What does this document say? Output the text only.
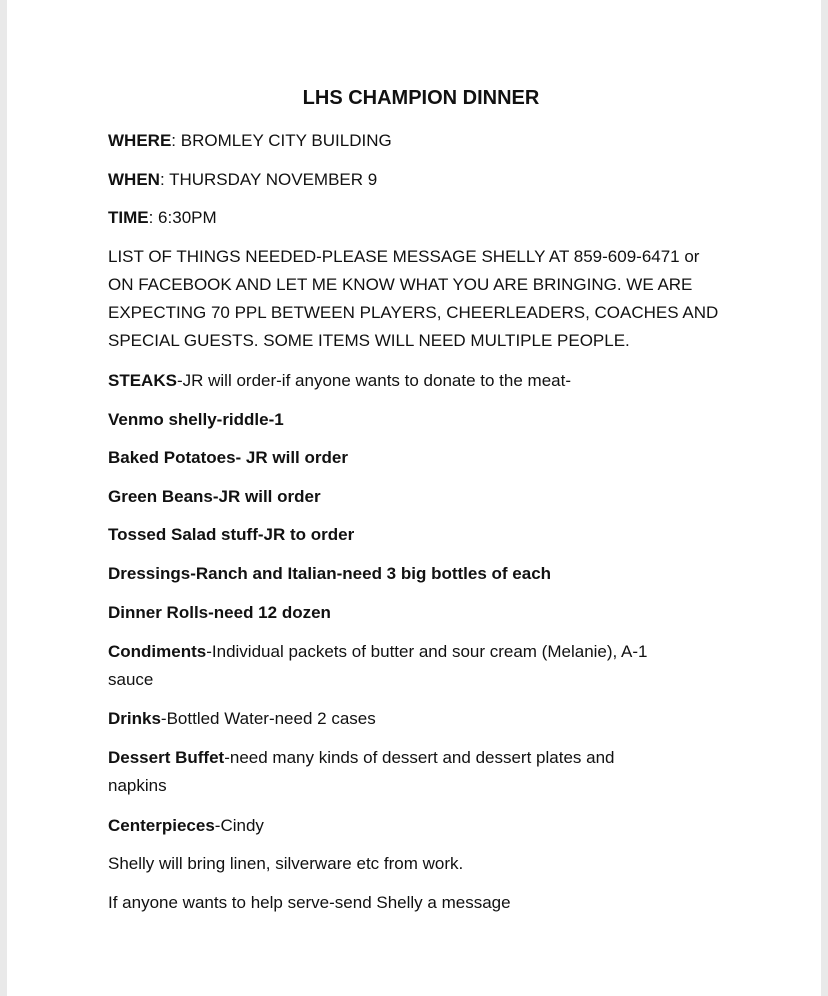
LHS CHAMPION DINNER
WHERE: BROMLEY CITY BUILDING
WHEN: THURSDAY NOVEMBER 9
TIME: 6:30PM
LIST OF THINGS NEEDED-PLEASE MESSAGE SHELLY AT 859-609-6471 or
ON FACEBOOK AND LET ME KNOW WHAT YOU ARE BRINGING. WE ARE
EXPECTING 70 PPL BETWEEN PLAYERS, CHEERLEADERS, COACHES AND
SPECIAL GUESTS. SOME ITEMS WILL NEED MULTIPLE PEOPLE.
STEAKS-JR will order-if anyone wants to donate to the meat-
Venmo shelly-riddle-1
Baked Potatoes- JR will order
Green Beans-JR will order
Tossed Salad stuff-JR to order
Dressings-Ranch and Italian-need 3 big bottles of each
Dinner Rolls-need 12 dozen
Condiments-Individual packets of butter and sour cream (Melanie), A-1
sauce
Drinks-Bottled Water-need 2 cases
Dessert Buffet-need many kinds of dessert and dessert plates and
napkins
Centerpieces-Cindy
Shelly will bring linen, silverware etc from work.
If anyone wants to help serve-send Shelly a message
